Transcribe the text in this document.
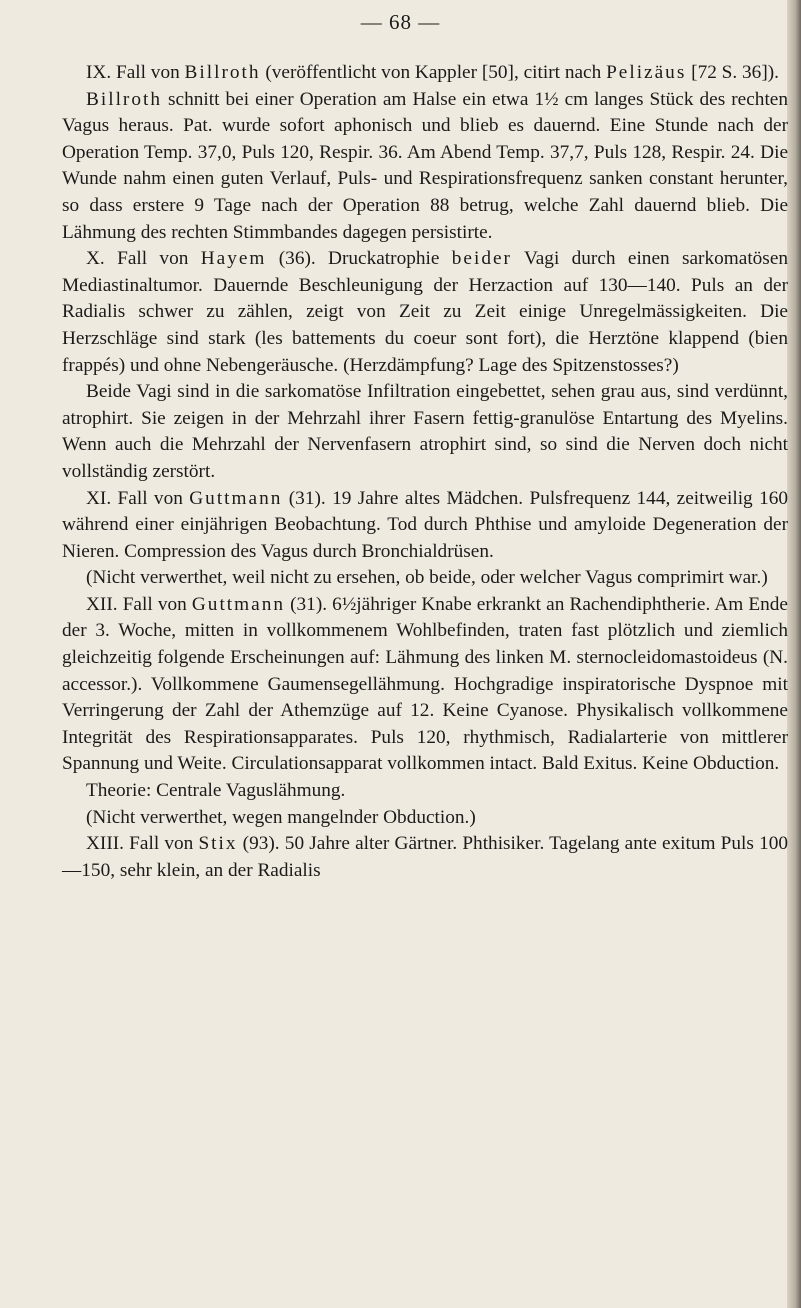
— 68 —

IX. Fall von Billroth (veröffentlicht von Kappler [50], citirt nach Pelizäus [72 S. 36]).

Billroth schnitt bei einer Operation am Halse ein etwa 1½ cm langes Stück des rechten Vagus heraus. Pat. wurde sofort aphonisch und blieb es dauernd. Eine Stunde nach der Operation Temp. 37,0, Puls 120, Respir. 36. Am Abend Temp. 37,7, Puls 128, Respir. 24. Die Wunde nahm einen guten Verlauf, Puls- und Respirationsfrequenz sanken constant herunter, so dass erstere 9 Tage nach der Operation 88 betrug, welche Zahl dauernd blieb. Die Lähmung des rechten Stimmbandes dagegen persistirte.

X. Fall von Hayem (36). Druckatrophie beider Vagi durch einen sarkomatösen Mediastinaltumor. Dauernde Beschleunigung der Herzaction auf 130—140. Puls an der Radialis schwer zu zählen, zeigt von Zeit zu Zeit einige Unregelmässigkeiten. Die Herzschläge sind stark (les battements du coeur sont fort), die Herztöne klappend (bien frappés) und ohne Nebengeräusche. (Herzdämpfung? Lage des Spitzenstosses?)

Beide Vagi sind in die sarkomatöse Infiltration eingebettet, sehen grau aus, sind verdünnt, atrophirt. Sie zeigen in der Mehrzahl ihrer Fasern fettig-granulöse Entartung des Myelins. Wenn auch die Mehrzahl der Nervenfasern atrophirt sind, so sind die Nerven doch nicht vollständig zerstört.

XI. Fall von Guttmann (31). 19 Jahre altes Mädchen. Pulsfrequenz 144, zeitweilig 160 während einer einjährigen Beobachtung. Tod durch Phthise und amyloide Degeneration der Nieren. Compression des Vagus durch Bronchialdrüsen.

(Nicht verwerthet, weil nicht zu ersehen, ob beide, oder welcher Vagus comprimirt war.)

XII. Fall von Guttmann (31). 6½jähriger Knabe erkrankt an Rachendiphtherie. Am Ende der 3. Woche, mitten in vollkommenem Wohlbefinden, traten fast plötzlich und ziemlich gleichzeitig folgende Erscheinungen auf: Lähmung des linken M. sternocleidomastoideus (N. accessor.). Vollkommene Gaumensegellähmung. Hochgradige inspiratorische Dyspnoe mit Verringerung der Zahl der Athemzüge auf 12. Keine Cyanose. Physikalisch vollkommene Integrität des Respirationsapparates. Puls 120, rhythmisch, Radialarterie von mittlerer Spannung und Weite. Circulationsapparat vollkommen intact. Bald Exitus. Keine Obduction.

Theorie: Centrale Vaguslähmung.

(Nicht verwerthet, wegen mangelnder Obduction.)

XIII. Fall von Stix (93). 50 Jahre alter Gärtner. Phthisiker. Tagelang ante exitum Puls 100—150, sehr klein, an der Radialis
